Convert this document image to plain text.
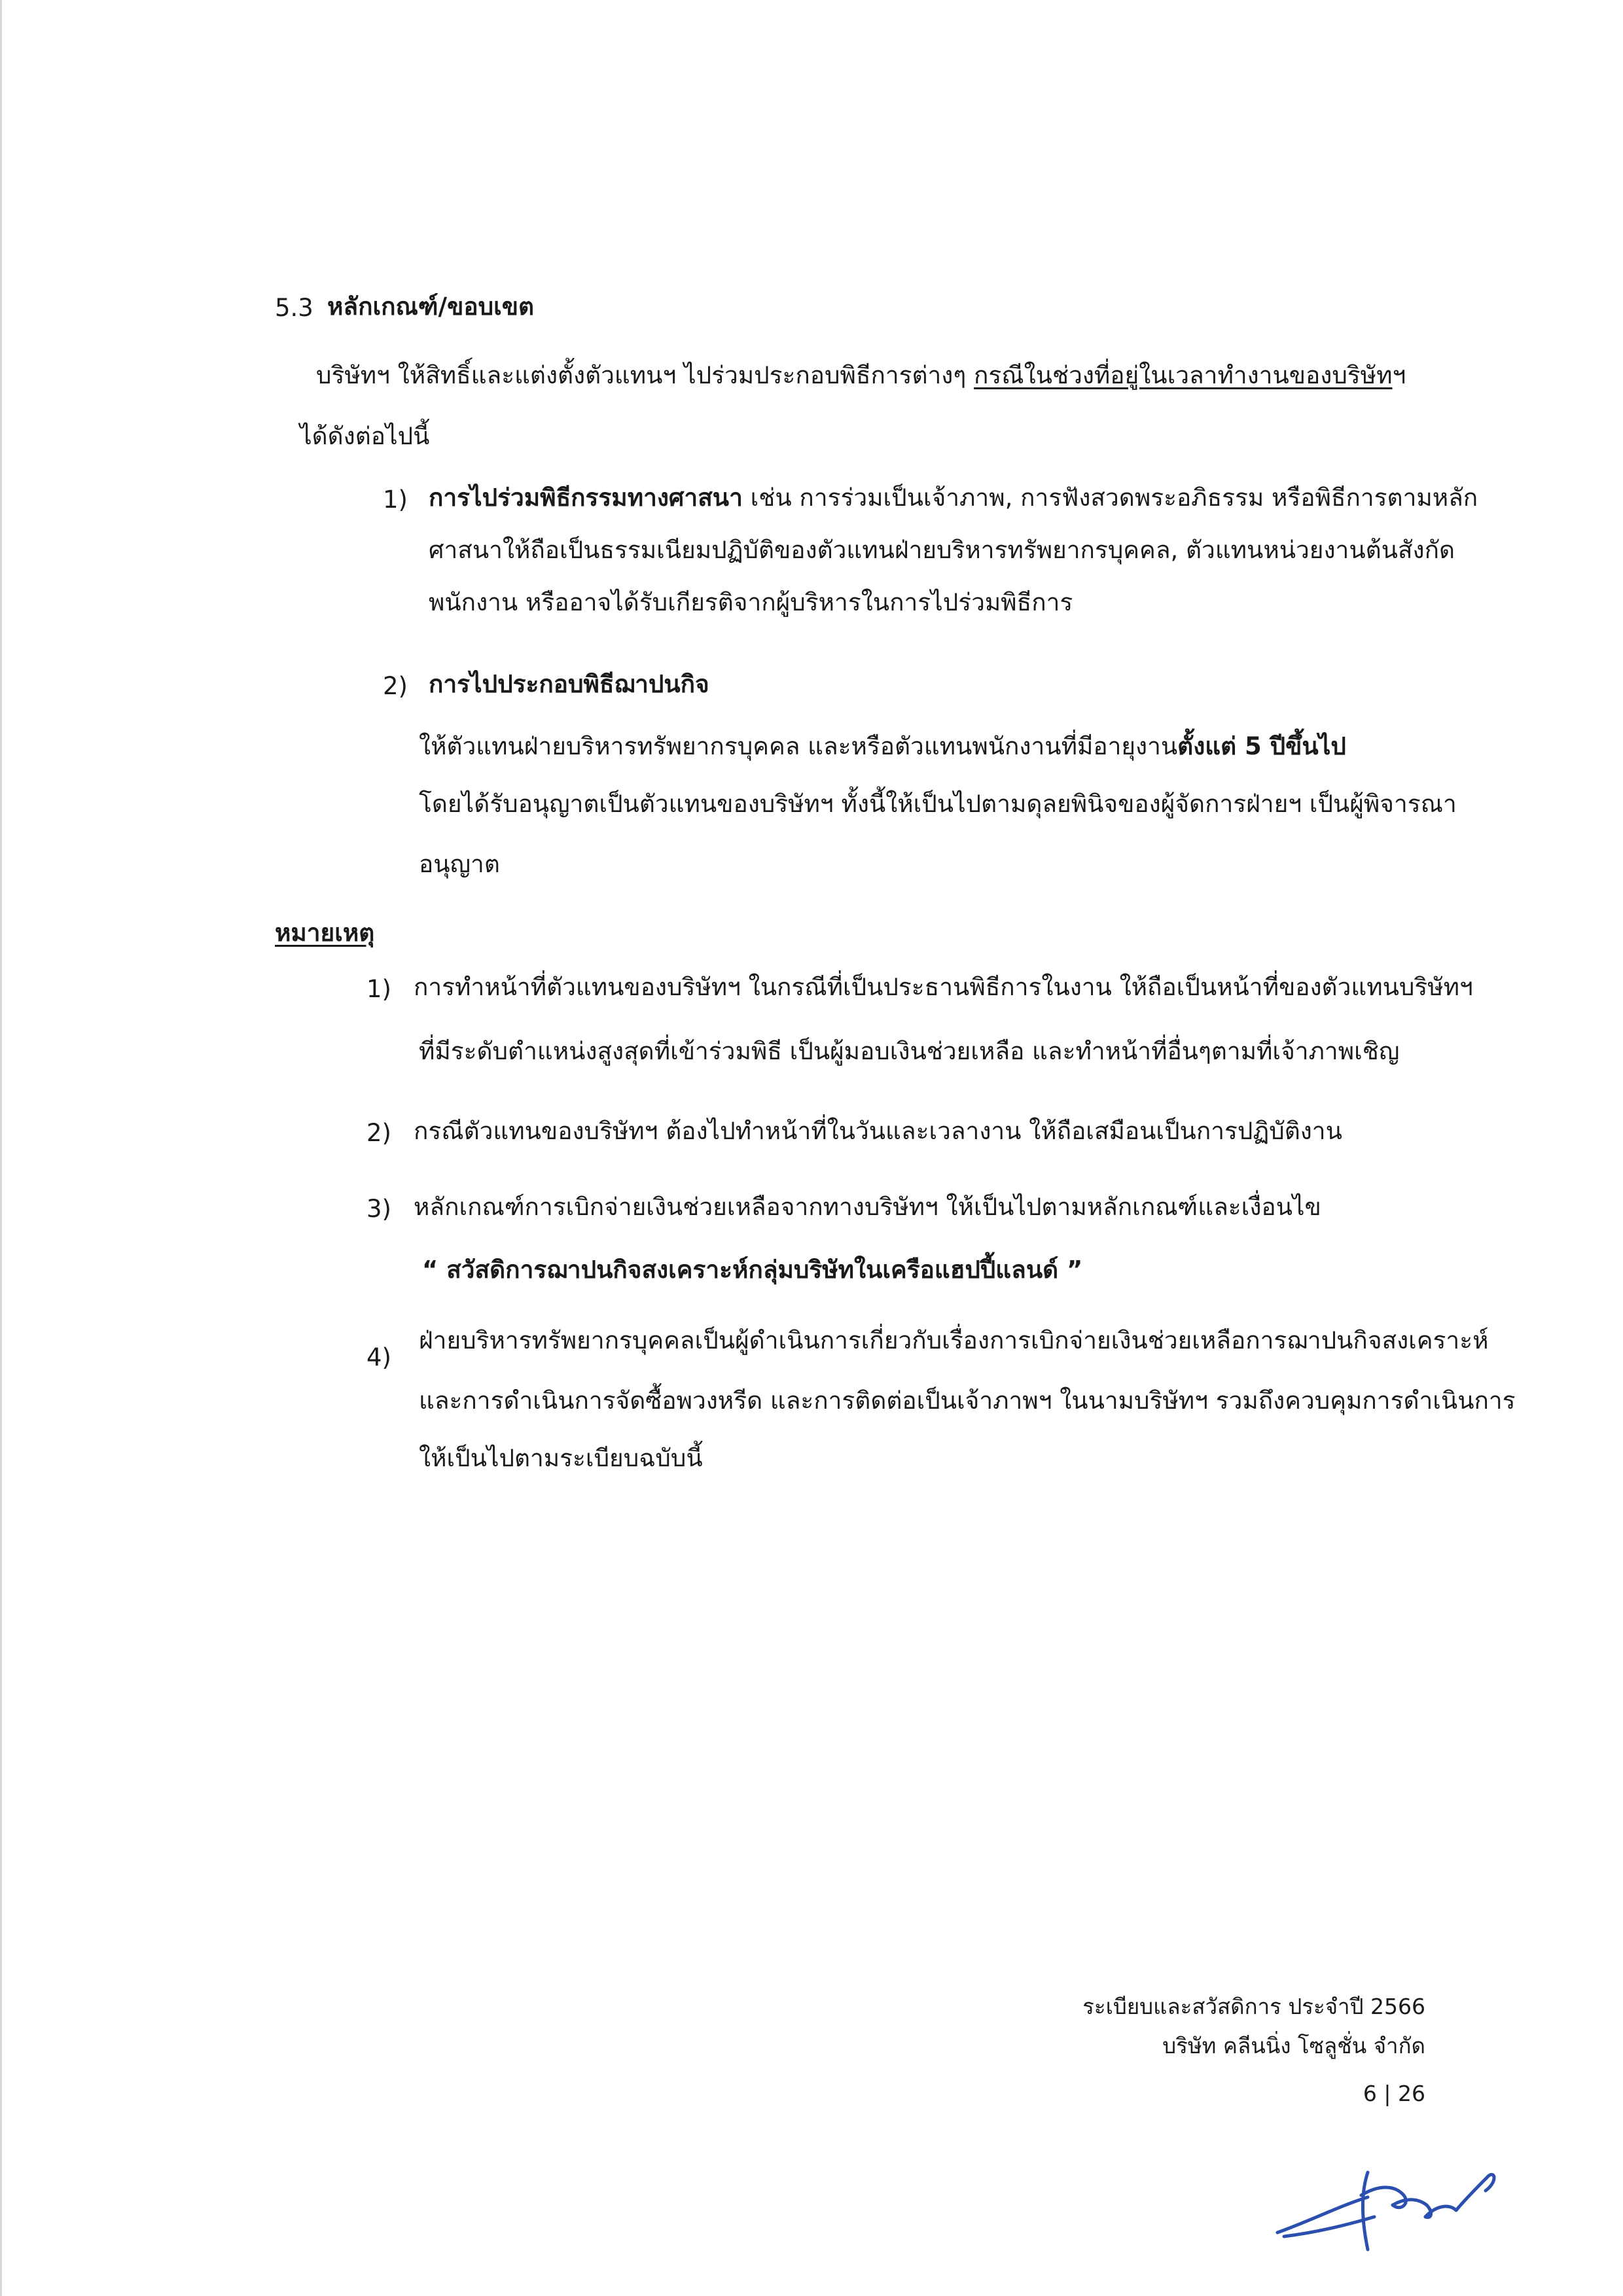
5.3 หลักเกณฑ์/ขอบเขต
บริษัทฯ ให้สิทธิ์และแต่งตั้งตัวแทนฯ ไปร่วมประกอบพิธีการต่างๆ กรณีในช่วงที่อยู่ในเวลาทำงานของบริษัทฯ
ได้ดังต่อไปนี้
1) การไปร่วมพิธีกรรมทางศาสนา เช่น การร่วมเป็นเจ้าภาพ, การฟังสวดพระอภิธรรม หรือพิธีการตามหลัก
ศาสนาให้ถือเป็นธรรมเนียมปฏิบัติของตัวแทนฝ่ายบริหารทรัพยากรบุคคล, ตัวแทนหน่วยงานต้นสังกัด
พนักงาน หรืออาจได้รับเกียรติจากผู้บริหารในการไปร่วมพิธีการ
2) การไปประกอบพิธีฌาปนกิจ
ให้ตัวแทนฝ่ายบริหารทรัพยากรบุคคล และหรือตัวแทนพนักงานที่มีอายุงานตั้งแต่ 5 ปีขึ้นไป
โดยได้รับอนุญาตเป็นตัวแทนของบริษัทฯ ทั้งนี้ให้เป็นไปตามดุลยพินิจของผู้จัดการฝ่ายฯ เป็นผู้พิจารณา
อนุญาต
หมายเหตุ
1) การทำหน้าที่ตัวแทนของบริษัทฯ ในกรณีที่เป็นประธานพิธีการในงาน ให้ถือเป็นหน้าที่ของตัวแทนบริษัทฯ
ที่มีระดับตำแหน่งสูงสุดที่เข้าร่วมพิธี เป็นผู้มอบเงินช่วยเหลือ และทำหน้าที่อื่นๆตามที่เจ้าภาพเชิญ
2) กรณีตัวแทนของบริษัทฯ ต้องไปทำหน้าที่ในวันและเวลางาน ให้ถือเสมือนเป็นการปฏิบัติงาน
3) หลักเกณฑ์การเบิกจ่ายเงินช่วยเหลือจากทางบริษัทฯ ให้เป็นไปตามหลักเกณฑ์และเงื่อนไข
“ สวัสดิการฌาปนกิจสงเคราะห์กลุ่มบริษัทในเครือแฮปปี้แลนด์ ”
4)
ฝ่ายบริหารทรัพยากรบุคคลเป็นผู้ดำเนินการเกี่ยวกับเรื่องการเบิกจ่ายเงินช่วยเหลือการฌาปนกิจสงเคราะห์
และการดำเนินการจัดซื้อพวงหรีด และการติดต่อเป็นเจ้าภาพฯ ในนามบริษัทฯ รวมถึงควบคุมการดำเนินการ
ให้เป็นไปตามระเบียบฉบับนี้
ระเบียบและสวัสดิการ ประจำปี 2566
บริษัท คลีนนิ่ง โซลูชั่น จำกัด
6 | 26
